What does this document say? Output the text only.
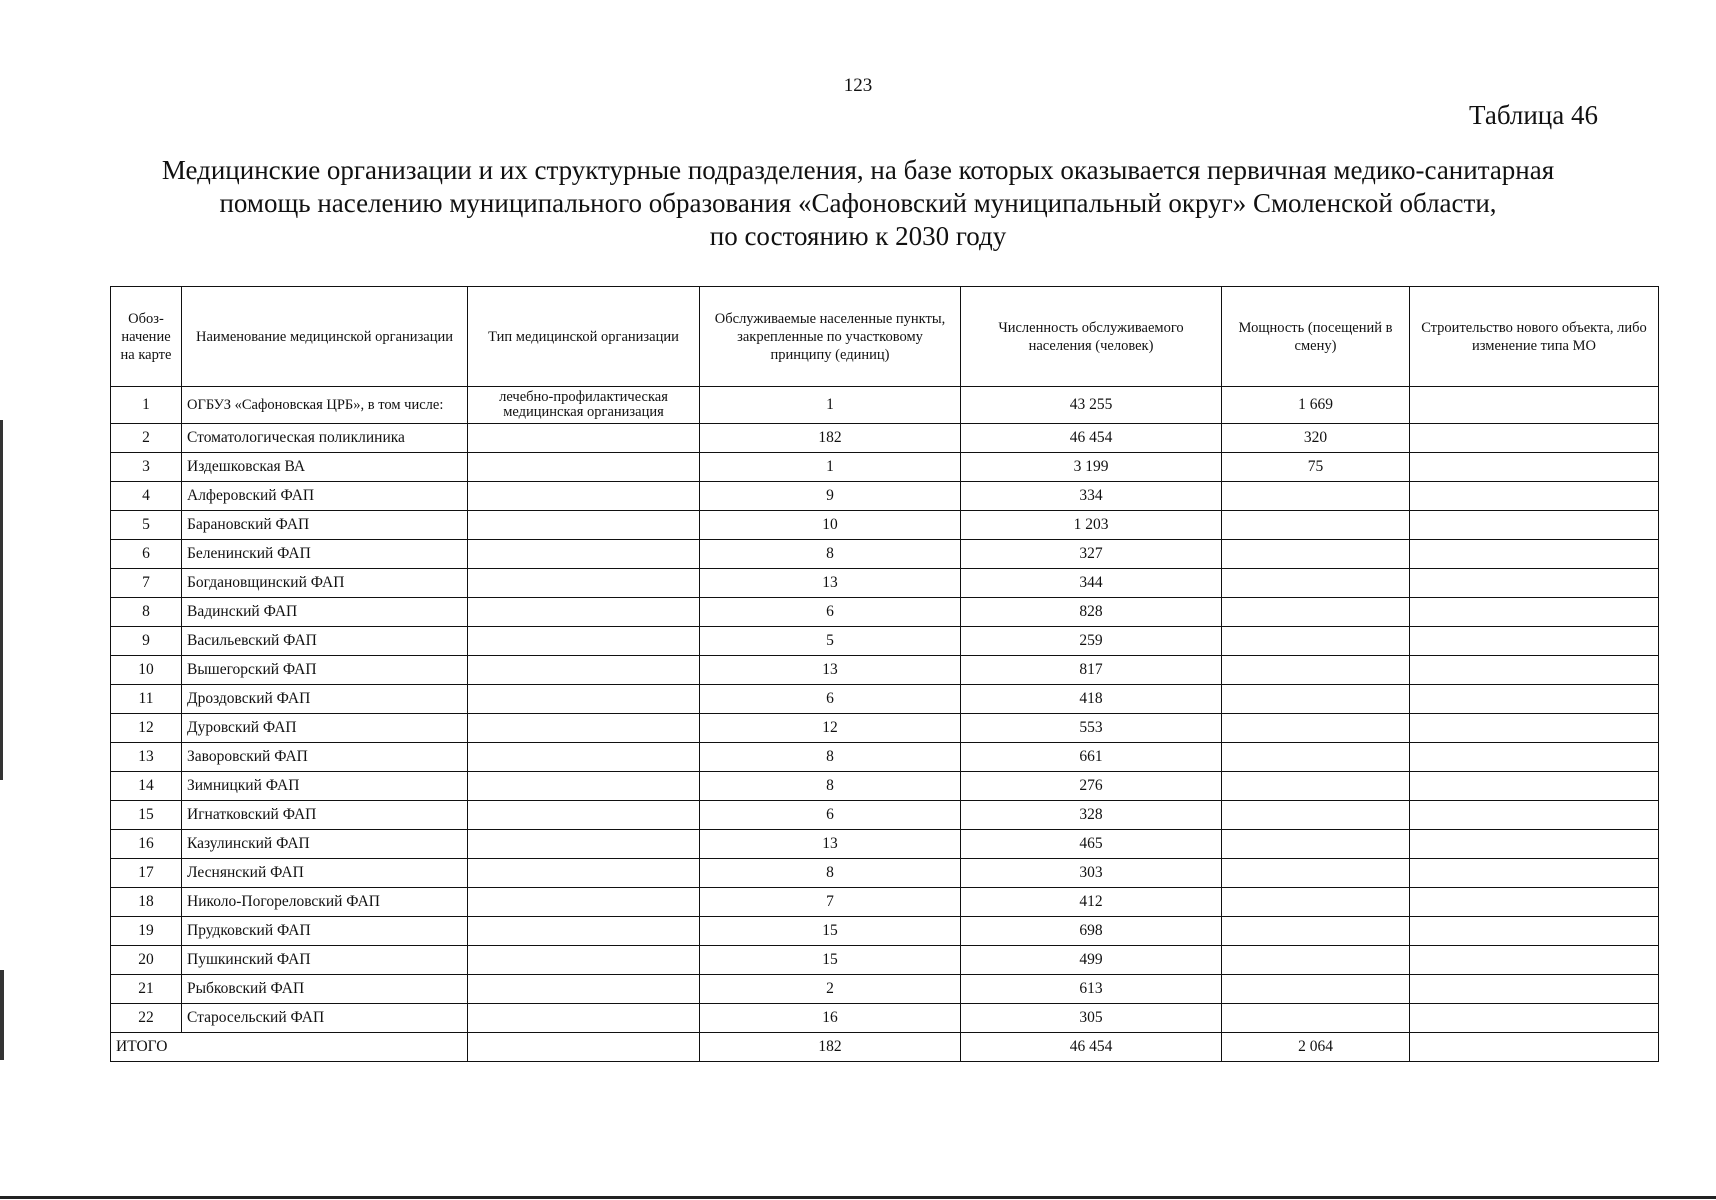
123
Таблица 46
Медицинские организации и их структурные подразделения, на базе которых оказывается первичная медико-санитарная
помощь населению муниципального образования «Сафоновский муниципальный округ» Смоленской области,
по состоянию к 2030 году
Обоз-начение на карте	Наименование медицинской организации	Тип медицинской организации	Обслуживаемые населенные пункты, закрепленные по участковому принципу (единиц)	Численность обслуживаемого населения (человек)	Мощность (посещений в смену)	Строительство нового объекта, либо изменение типа МО
1	ОГБУЗ «Сафоновская ЦРБ», в том числе:	лечебно-профилактическая медицинская организация	1	43 255	1 669	
2	Стоматологическая поликлиника		182	46 454	320	
3	Издешковская ВА		1	3 199	75	
4	Алферовский ФАП		9	334		
5	Барановский ФАП		10	1 203		
6	Беленинский ФАП		8	327		
7	Богдановщинский ФАП		13	344		
8	Вадинский ФАП		6	828		
9	Васильевский ФАП		5	259		
10	Вышегорский ФАП		13	817		
11	Дроздовский ФАП		6	418		
12	Дуровский ФАП		12	553		
13	Заворовский ФАП		8	661		
14	Зимницкий ФАП		8	276		
15	Игнатковский ФАП		6	328		
16	Казулинский ФАП		13	465		
17	Леснянский ФАП		8	303		
18	Николо-Погореловский ФАП		7	412		
19	Прудковский ФАП		15	698		
20	Пушкинский ФАП		15	499		
21	Рыбковский ФАП		2	613		
22	Старосельский ФАП		16	305		
ИТОГО			182	46 454	2 064	
